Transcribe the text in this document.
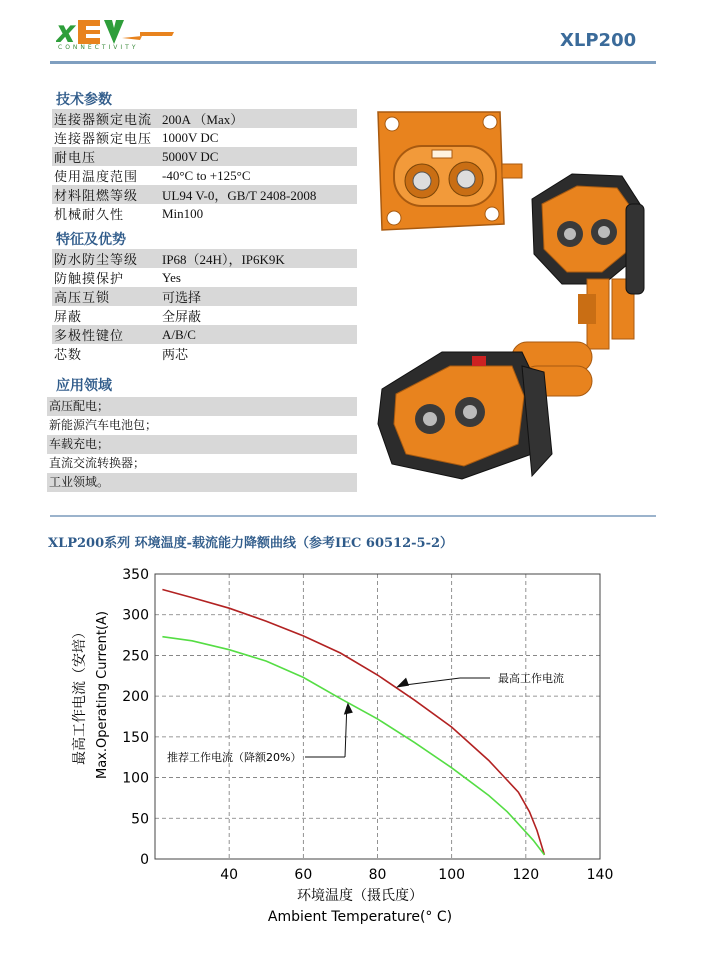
x
CONNECTIVITY	XLP200
技术参数
连接器额定电流	200A （Max）
连接器额定电压	1000V DC
耐电压	5000V DC
使用温度范围	-40°C to +125°C
材料阻燃等级	UL94 V-0，GB/T 2408-2008
机械耐久性	Min100
特征及优势
防水防尘等级	IP68（24H），IP6K9K
防触摸保护	Yes
高压互锁	可选择
屏蔽	全屏蔽
多极性键位	A/B/C
芯数	两芯
应用领域
高压配电；
新能源汽车电池包；
车载充电；
直流交流转换器；
工业领域。
XLP200系列 环境温度-载流能力降额曲线（参考IEC 60512-5-2）
0
50
100
150
200
250
300
350
40	60	80	100	120	140
最高工作电流
推荐工作电流（降额20%）
环境温度（摄氏度）
Ambient Temperature(° C)
最高工作电流（安培） Max.Operating Current(A)
